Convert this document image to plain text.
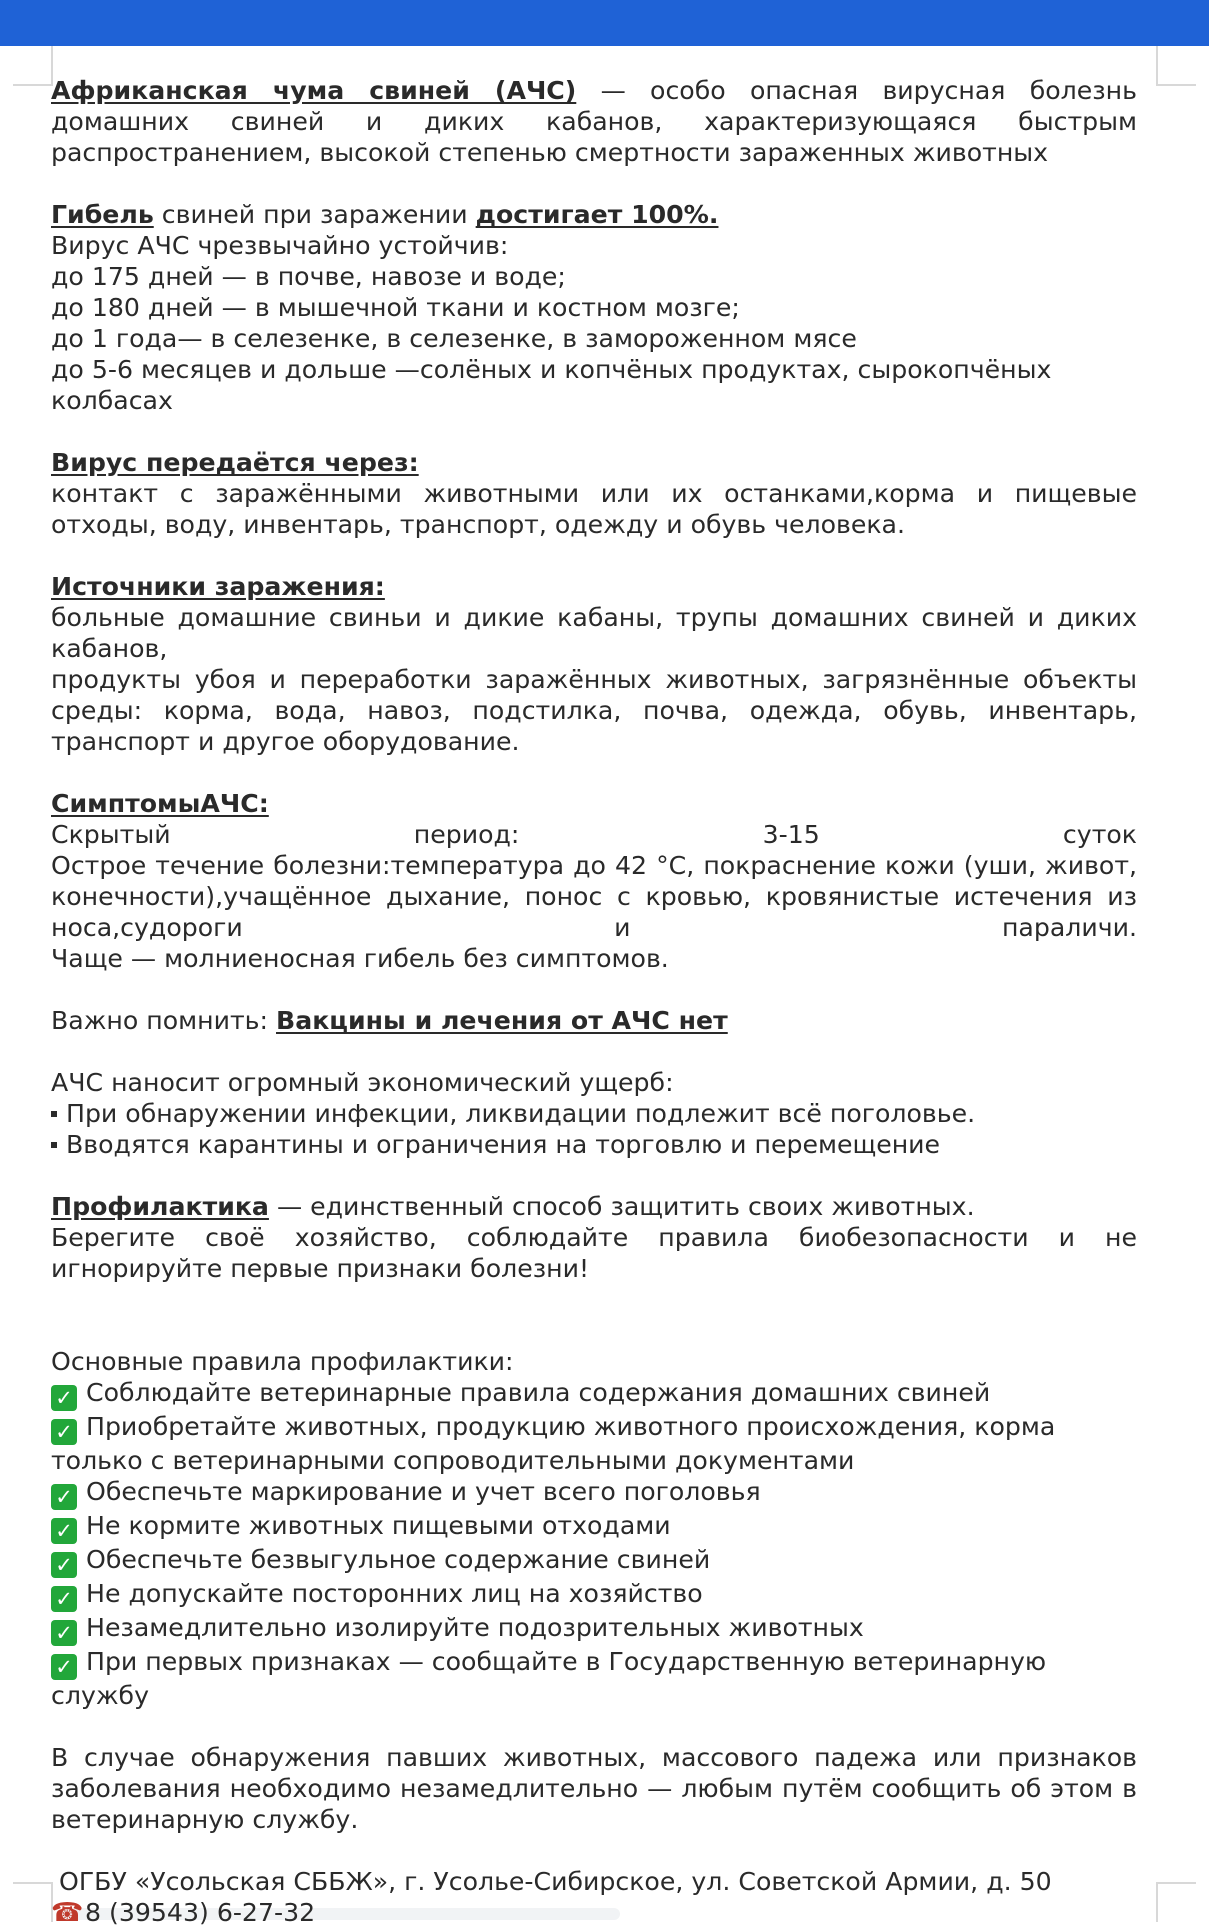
Африканская чума свиней (АЧС) — особо опасная вирусная болезнь домашних свиней и диких кабанов, характеризующаяся быстрым распространением, высокой степенью смертности зараженных животных

Гибель свиней при заражении достигает 100%.

Вирус АЧС чрезвычайно устойчив:

до 175 дней — в почве, навозе и воде;

до 180 дней — в мышечной ткани и костном мозге;

до 1 года— в селезенке, в селезенке, в замороженном мясе

до 5-6 месяцев и дольше —солёных и копчёных продуктах, сырокопчёных колбасах

Вирус передаётся через:

контакт с заражёнными животными или их останками,корма и пищевые отходы, воду, инвентарь, транспорт, одежду и обувь человека.

Источники заражения:

больные домашние свиньи и дикие кабаны, трупы домашних свиней и диких кабанов,

продукты убоя и переработки заражённых животных, загрязнённые объекты среды: корма, вода, навоз, подстилка, почва, одежда, обувь, инвентарь, транспорт и другое оборудование.

СимптомыАЧС:

Скрытый период: 3-15 суток

Острое течение болезни:температура до 42 °С, покраснение кожи (уши, живот, конечности),учащённое дыхание, понос с кровью, кровянистые истечения из носа,судороги и параличи.

Чаще — молниеносная гибель без симптомов.

Важно помнить: Вакцины и лечения от АЧС нет

АЧС наносит огромный экономический ущерб:

При обнаружении инфекции, ликвидации подлежит всё поголовье.

Вводятся карантины и ограничения на торговлю и перемещение

Профилактика — единственный способ защитить своих животных.

Берегите своё хозяйство, соблюдайте правила биобезопасности и не игнорируйте первые признаки болезни!

Основные правила профилактики:

✓ Соблюдайте ветеринарные правила содержания домашних свиней

✓ Приобретайте животных, продукцию животного происхождения, корма только с ветеринарными сопроводительными документами

✓ Обеспечьте маркирование и учет всего поголовья

✓ Не кормите животных пищевыми отходами

✓ Обеспечьте безвыгульное содержание свиней

✓ Не допускайте посторонних лиц на хозяйство

✓ Незамедлительно изолируйте подозрительных животных

✓ При первых признаках — сообщайте в Государственную ветеринарную службу

В случае обнаружения павших животных, массового падежа или признаков заболевания необходимо незамедлительно — любым путём сообщить об этом в ветеринарную службу.

ОГБУ «Усольская СББЖ», г. Усолье-Сибирское, ул. Советской Армии, д. 50

☎8 (39543) 6-27-32
